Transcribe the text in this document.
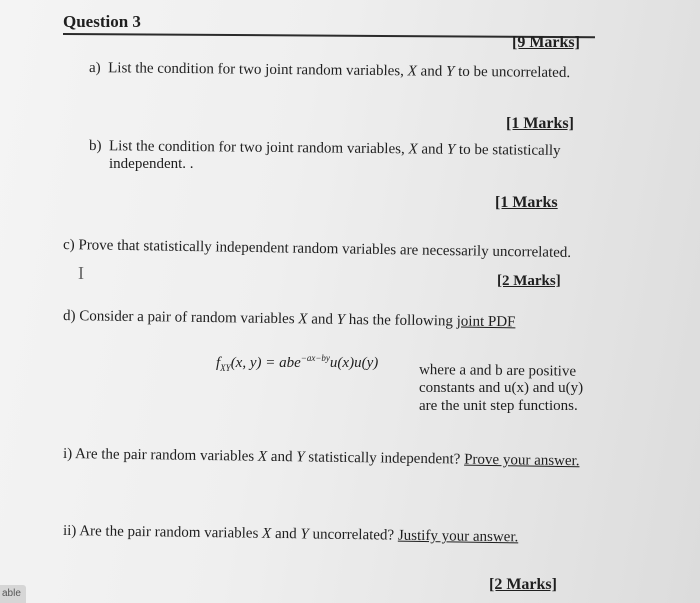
Question 3
[9 Marks]
a) List the condition for two joint random variables, X and Y to be uncorrelated.
[1 Marks]
b) List the condition for two joint random variables, X and Y to be statistically
independent. .
[1 Marks
c) Prove that statistically independent random variables are necessarily uncorrelated.
I	[2 Marks]
d) Consider a pair of random variables X and Y has the following joint PDF
$f_{XY}(x$, y) = abe$^{-ax-by}$u(x)u(y)	where a and b are positive
constants and u(x) and u(y)
are the unit step functions.
i) Are the pair random variables X and Y statistically independent? Prove your answer.
ii) Are the pair random variables X and Y uncorrelated? Justify your answer.
[2 Marks]
able
